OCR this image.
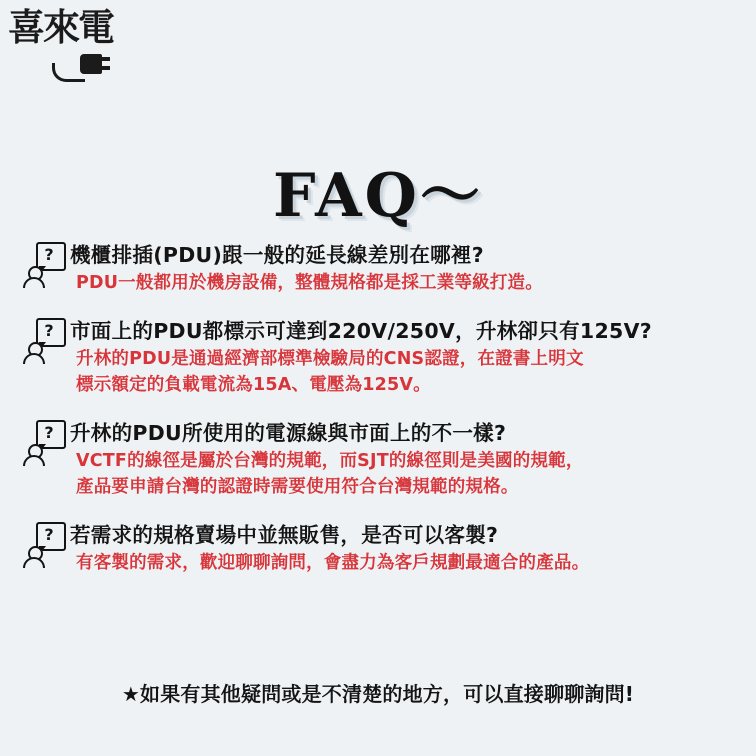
喜來電
FAQ～
? 機櫃排插(PDU)跟一般的延長線差別在哪裡?
PDU一般都用於機房設備，整體規格都是採工業等級打造。
? 市面上的PDU都標示可達到220V/250V，升林卻只有125V?
升林的PDU是通過經濟部標準檢驗局的CNS認證，在證書上明文
標示額定的負載電流為15A、電壓為125V。
? 升林的PDU所使用的電源線與市面上的不一樣?
VCTF的線徑是屬於台灣的規範，而SJT的線徑則是美國的規範，
產品要申請台灣的認證時需要使用符合台灣規範的規格。
? 若需求的規格賣場中並無販售，是否可以客製?
有客製的需求，歡迎聊聊詢問，會盡力為客戶規劃最適合的產品。
★如果有其他疑問或是不清楚的地方，可以直接聊聊詢問!
